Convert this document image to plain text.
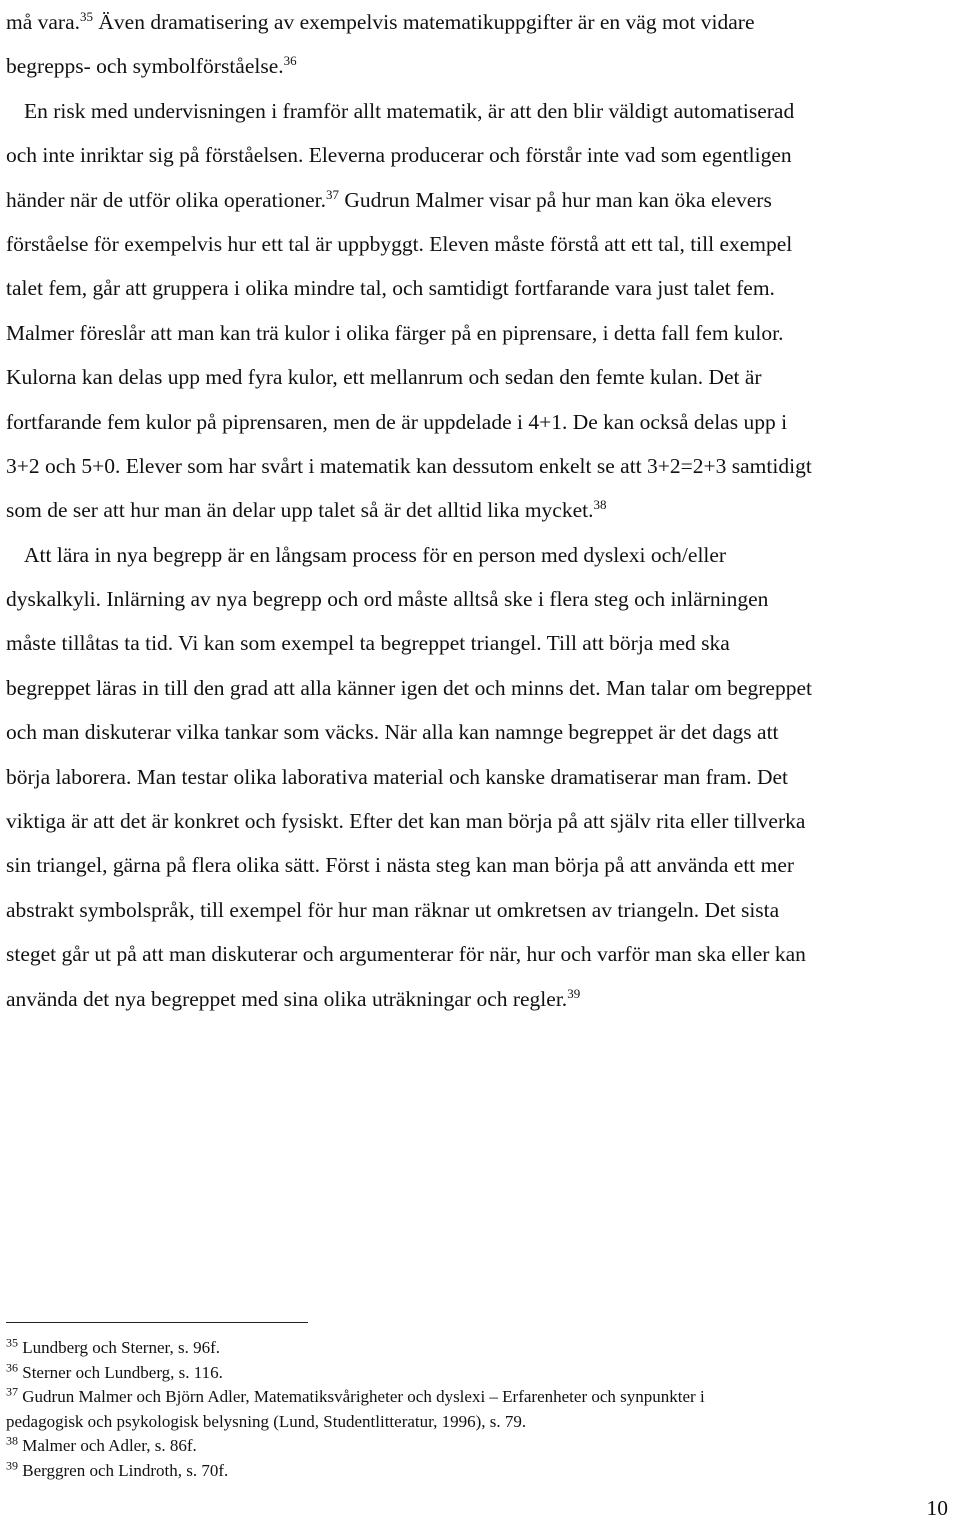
må vara.$^{35}$ Även dramatisering av exempelvis matematikuppgifter är en väg mot vidare
begrepps- och symbolförståelse.$^{36}$
En risk med undervisningen i framför allt matematik, är att den blir väldigt automatiserad
och inte inriktar sig på förståelsen. Eleverna producerar och förstår inte vad som egentligen
händer när de utför olika operationer.$^{37}$ Gudrun Malmer visar på hur man kan öka elevers
förståelse för exempelvis hur ett tal är uppbyggt. Eleven måste förstå att ett tal, till exempel
talet fem, går att gruppera i olika mindre tal, och samtidigt fortfarande vara just talet fem.
Malmer föreslår att man kan trä kulor i olika färger på en piprensare, i detta fall fem kulor.
Kulorna kan delas upp med fyra kulor, ett mellanrum och sedan den femte kulan. Det är
fortfarande fem kulor på piprensaren, men de är uppdelade i 4+1. De kan också delas upp i
3+2 och 5+0. Elever som har svårt i matematik kan dessutom enkelt se att 3+2=2+3 samtidigt
som de ser att hur man än delar upp talet så är det alltid lika mycket.$^{38}$
Att lära in nya begrepp är en långsam process för en person med dyslexi och/eller
dyskalkyli. Inlärning av nya begrepp och ord måste alltså ske i flera steg och inlärningen
måste tillåtas ta tid. Vi kan som exempel ta begreppet triangel. Till att börja med ska
begreppet läras in till den grad att alla känner igen det och minns det. Man talar om begreppet
och man diskuterar vilka tankar som väcks. När alla kan namnge begreppet är det dags att
börja laborera. Man testar olika laborativa material och kanske dramatiserar man fram. Det
viktiga är att det är konkret och fysiskt. Efter det kan man börja på att själv rita eller tillverka
sin triangel, gärna på flera olika sätt. Först i nästa steg kan man börja på att använda ett mer
abstrakt symbolspråk, till exempel för hur man räknar ut omkretsen av triangeln. Det sista
steget går ut på att man diskuterar och argumenterar för när, hur och varför man ska eller kan
använda det nya begreppet med sina olika uträkningar och regler.$^{39}$
$^{35}$ Lundberg och Sterner, s. 96f.
$^{36}$ Sterner och Lundberg, s. 116.
$^{37}$ Gudrun Malmer och Björn Adler, Matematiksvårigheter och dyslexi – Erfarenheter och synpunkter i
pedagogisk och psykologisk belysning (Lund, Studentlitteratur, 1996), s. 79.
$^{38}$ Malmer och Adler, s. 86f.
$^{39}$ Berggren och Lindroth, s. 70f.
10
